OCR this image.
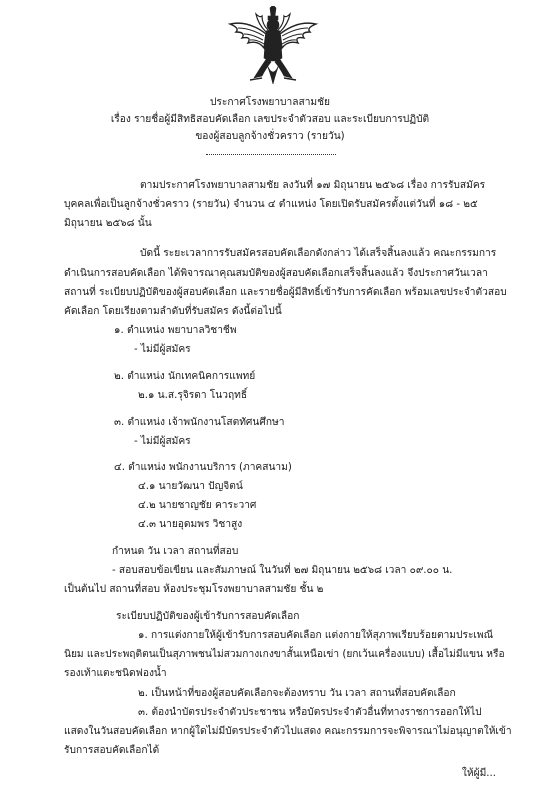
ประกาศโรงพยาบาลสามชัย
เรื่อง รายชื่อผู้มีสิทธิสอบคัดเลือก เลขประจำตัวสอบ และระเบียบการปฏิบัติ
ของผู้สอบลูกจ้างชั่วคราว (รายวัน)
ตามประกาศโรงพยาบาลสามชัย ลงวันที่ ๑๗ มิถุนายน ๒๕๖๘ เรื่อง การรับสมัคร
บุคคลเพื่อเป็นลูกจ้างชั่วคราว (รายวัน) จำนวน ๔ ตำแหน่ง โดยเปิดรับสมัครตั้งแต่วันที่ ๑๘ - ๒๕
มิถุนายน ๒๕๖๘ นั้น
บัดนี้ ระยะเวลาการรับสมัครสอบคัดเลือกดังกล่าว ได้เสร็จสิ้นลงแล้ว คณะกรรมการ
ดำเนินการสอบคัดเลือก ได้พิจารณาคุณสมบัติของผู้สอบคัดเลือกเสร็จสิ้นลงแล้ว จึงประกาศวันเวลา
สถานที่ ระเบียบปฏิบัติของผู้สอบคัดเลือก และรายชื่อผู้มีสิทธิ์เข้ารับการคัดเลือก พร้อมเลขประจำตัวสอบ
คัดเลือก โดยเรียงตามลำดับที่รับสมัคร ดังนี้ต่อไปนี้
๑. ตำแหน่ง พยาบาลวิชาชีพ
- ไม่มีผู้สมัคร
๒. ตำแหน่ง นักเทคนิคการแพทย์
๒.๑ น.ส.รุจิรดา โนวฤทธิ์
๓. ตำแหน่ง เจ้าพนักงานโสตทัศนศึกษา
- ไม่มีผู้สมัคร
๔. ตำแหน่ง พนักงานบริการ (ภาคสนาม)
๔.๑ นายวัฒนา ปัญจิตน์
๔.๒ นายชาญชัย คาระวาศ
๔.๓ นายอุดมพร วิชาสูง
กำหนด วัน เวลา สถานที่สอบ
- สอบสอบข้อเขียน และสัมภาษณ์ ในวันที่ ๒๗ มิถุนายน ๒๕๖๘ เวลา ๐๙.๐๐ น.
เป็นต้นไป สถานที่สอบ ห้องประชุมโรงพยาบาลสามชัย ชั้น ๒
ระเบียบปฏิบัติของผู้เข้ารับการสอบคัดเลือก
๑. การแต่งกายให้ผู้เข้ารับการสอบคัดเลือก แต่งกายให้สุภาพเรียบร้อยตามประเพณี
นิยม และประพฤติตนเป็นสุภาพชนไม่สวมกางเกงขาสั้นเหนือเข่า (ยกเว้นเครื่องแบบ) เสื้อไม่มีแขน หรือ
รองเท้าแตะชนิดฟองน้ำ
๒. เป็นหน้าที่ของผู้สอบคัดเลือกจะต้องทราบ วัน เวลา สถานที่สอบคัดเลือก
๓. ต้องนำบัตรประจำตัวประชาชน หรือบัตรประจำตัวอื่นที่ทางราชการออกให้ไป
แสดงในวันสอบคัดเลือก หากผู้ใดไม่มีบัตรประจำตัวไปแสดง คณะกรรมการจะพิจารณาไม่อนุญาตให้เข้า
รับการสอบคัดเลือกได้
ให้ผู้มี...
